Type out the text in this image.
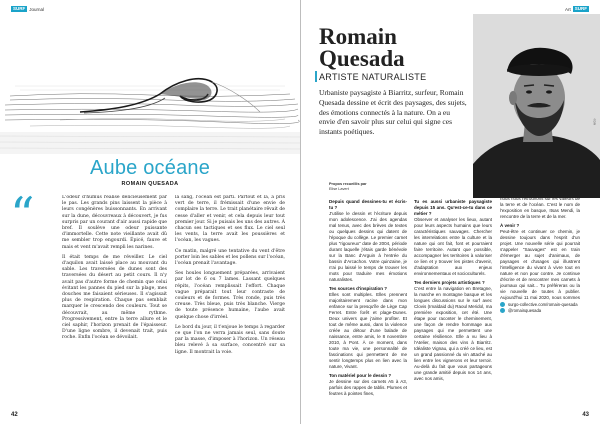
SURF Journal
Aube océane
ROMAIN QUESADA
“	L'odeur d'humus réalisé délicieusement par le pas. Les grands pins laissent la pièce à leurs congénères buissonnants. En arrivant sur la dune, découvreaux à découvert, je fus surpris par un courant d'air aussi rapide que bref. Il soulève une odeur puissante d'immortelle. Cette note vieillante avait dû me sembler trop engourdi. Épicé, fauve et mais et vent m'avait rempli les narines.

Il était temps de me réveiller. Le ciel d'aquilon avait laissé place au mouvant du sable. Les traversées de dunes sont des traversées du désert au petit cours. Il n'y avait pas d'autre forme de chemin que celui évitant les pannes du pied sur la plage, mes douches me faisaient sérieuses. Il s'agissait plus de respiration. Chaque pas semblait marquer le crescendo des couleurs. Tout se découvrait, au même rythme. Progressivement, entre la terre allure et le ciel saphir, l'horizon prenait de l'épaisseur. D'une ligne sombre, il devenait trait, puis roche. Enfin l'océan se dévoilait.

la sang, l'océan est parti. Partout et là, à pris vert de terre, il frémissait d'une envie de complaire la terre. Le trait planétaire rêvait de cesse d'aller et venir, et cela depuis leur tout premier jour. Si je puisais les uns des autres. À chacun ses tactiques et ses flux. Le ciel seul les vents, la terre avait les poussières et l'océan, les vagues.

Ce matin, malgré une tentative du vent d'être porter loin les sables et les pollens sur l'océan, l'océan prenait l'avantage.

Ses houles longuement préparées, arrivaient par lot de 6 ou 7 lames. Lassant quelques répits, l'océan remplissait l'effort. Chaque vague préparait tout leur contraste de couleurs et de formes. Très ronde, puis très creuse. Très bleue, puis très blanche. Vierge de toute présence humaine, l'aube avait quelque chose d'irréel.

Le bord du jour, il t'enjoue le temps à regarder ce que l'on ne verra jamais seul, sans doute par la masse, d'imposer à l'horizon. Un réseau bleu relevé à sa surface, concentré sur sa ligne. Il montrait la voie.

42
Art SURF
Romain
Quesada
ARTISTE NATURALISTE
Urbaniste paysagiste à Biarritz, surfeur, Romain Quesada dessine et écrit des paysages, des sujets, des émotions connectés à la nature. On a eu envie d'en savoir plus sur celui qui signe ces instants poétiques.
©DR
Propos recueillis par
Elise Lavert
Depuis quand dessines-tu et écris-tu ?

J'utilise le dessin et l'écriture depuis mon adolescence. J'ai des agendas mal tenus, avec des brèves de textes ou quelques dessins qui datent de l'époque du collège. Le premier carnet plus "rigoureux" date de 2004, période durant laquelle j'étais garde bénévole sur la Banc d'Arguin à l'entrée du bassin d'Arcachon. Votre quinzaine, je n'ai pu laissé le temps de trouver les mots pour traduire mes émotions naturalistes.

Tes sources d'inspiration ?

Elles sont multiples. Elles prennent majoritairement racine dans mon enfance sur la presqu'île de Lège Cap Ferret. Entre forêt et plage-Dunes. Deux univers que j'aime profiter. Et tout de même aussi, dans la violence créée au détour d'une balade de naissance, entre amis, le 8 novembre 2010, à Pont. À ce moment, dans toute ma vie, une personnalité de fascinations qui permettent de me sentir longtemps plus en lien avec la nature, Vivant.

Ton matériel pour le dessin ?

Je dessine sur des carnets A5 à A3, parfois des rappes de tablis. Plumes et feutres à pointes fines,

Tu es aussi urbaniste paysagiste depuis 15 ans. Qu'est-ce-tu dans ce métier ?

Observer et analyser les lieux, autant pour leurs aspects humains que leurs caractéristiques sauvages. Chercher les interrelations entre la culture et la nature qui ont fait, font et pourraient faire territoire. Autant que possible, accompagner les territoires à valoriser ce lien et y trouver les pistes d'avenir, d'adaptation aux enjeux environnementaux et socioculturels.

Tes derniers projets artistiques ?

C'est entre la navigation en Bretagne, la marche en montagne basque et les longues discussions sur le surf avec Clovis (Imaldaid du) Raoul Meridol, ma première exposition, cet été. Une étape pour raconter le cheminement, une façon de rendre hommage aux paysages qui me permettent une certaine résilience. Elle a vu lieu à l'Atelier, maison des vins à Biarritz. Idéaliste Vignau, qui a créé ce lieu, est un grand passionné du vin attaché au lien entre les vignerons et leur terroir. Au-delà du fait que vous partageons une grande amitié depuis nos 14 ans, avec nos amis,

nous nous retrouvons sur les valeurs de la terre et de l'océan. C'est le nom de l'exposition en basque, Itsas Mendi, la rencontre de la terre et de la mer.

À venir ?

Peut-être et continuer ce chemin, je dessine toujours dans l'esprit d'un projet. Une nouvelle série qui pourrait s'appeler "Sauvages" est en train d'émerger au sujet d'animaux, de paysages et d'usages qui illustrent l'intelligence du vivant à vivre tout en nature et non pour contre. Je continue d'écrire et de rencontrer mes carnets à journaux qui sait... Tu préféreras ou la vie nouvelle de toutes à publier. Aujourd'hui 11 mai 2020, nous sommes

surgo-collective.com/romain-quesada
@romainquesada
43
